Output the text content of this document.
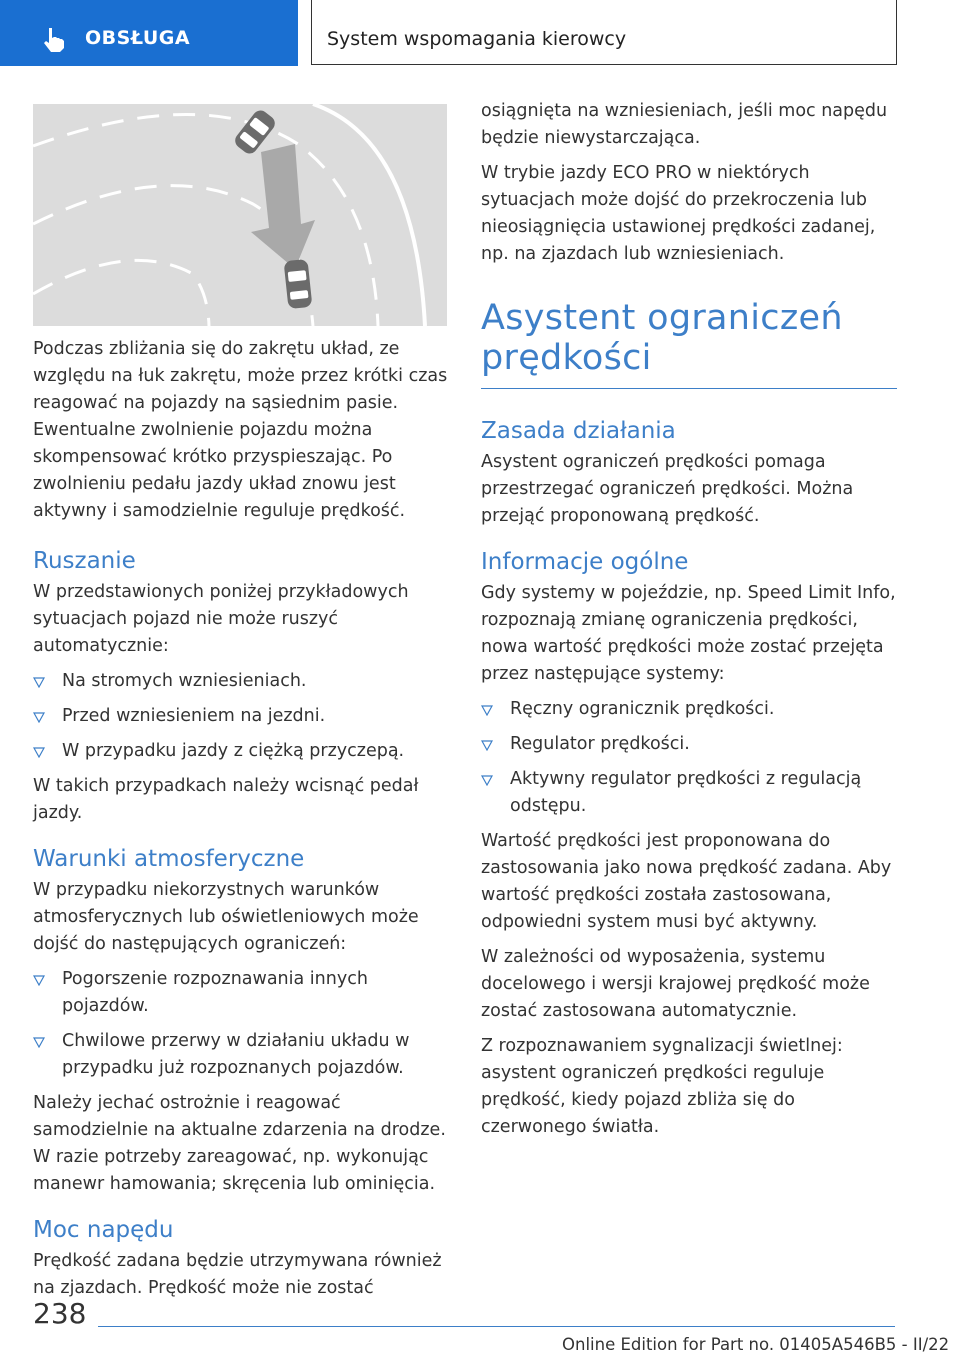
OBSŁUGA	System wspomagania kierowcy

Podczas zbliżania się do zakrętu układ, ze względu na łuk zakrętu, może przez krótki czas reagować na pojazdy na sąsiednim pasie. Ewentualne zwolnienie pojazdu można skompensować krótko przyspieszając. Po zwolnieniu pedału jazdy układ znowu jest aktywny i samodzielnie reguluje prędkość.

Ruszanie

W przedstawionych poniżej przykładowych sytuacjach pojazd nie może ruszyć automatycznie:

Na stromych wzniesieniach.
Przed wzniesieniem na jezdni.
W przypadku jazdy z ciężką przyczepą.

W takich przypadkach należy wcisnąć pedał jazdy.

Warunki atmosferyczne

W przypadku niekorzystnych warunków atmosferycznych lub oświetleniowych może dojść do następujących ograniczeń:

Pogorszenie rozpoznawania innych pojazdów.
Chwilowe przerwy w działaniu układu w przypadku już rozpoznanych pojazdów.

Należy jechać ostrożnie i reagować samodzielnie na aktualne zdarzenia na drodze. W razie potrzeby zareagować, np. wykonując manewr hamowania; skręcenia lub ominięcia.

Moc napędu

Prędkość zadana będzie utrzymywana również na zjazdach. Prędkość może nie zostać

osiągnięta na wzniesieniach, jeśli moc napędu będzie niewystarczająca.

W trybie jazdy ECO PRO w niektórych sytuacjach może dojść do przekroczenia lub nieosiągnięcia ustawionej prędkości zadanej, np. na zjazdach lub wzniesieniach.

Asystent ograniczeń prędkości
Zasada działania

Asystent ograniczeń prędkości pomaga przestrzegać ograniczeń prędkości. Można przejąć proponowaną prędkość.

Informacje ogólne

Gdy systemy w pojeździe, np. Speed Limit Info, rozpoznają zmianę ograniczenia prędkości, nowa wartość prędkości może zostać przejęta przez następujące systemy:

Ręczny ogranicznik prędkości.
Regulator prędkości.
Aktywny regulator prędkości z regulacją odstępu.

Wartość prędkości jest proponowana do zastosowania jako nowa prędkość zadana. Aby wartość prędkości została zastosowana, odpowiedni system musi być aktywny.

W zależności od wyposażenia, systemu docelowego i wersji krajowej prędkość może zostać zastosowana automatycznie.

Z rozpoznawaniem sygnalizacji świetlnej: asystent ograniczeń prędkości reguluje prędkość, kiedy pojazd zbliża się do czerwonego światła.

238
Online Edition for Part no. 01405A546B5 - II/22
